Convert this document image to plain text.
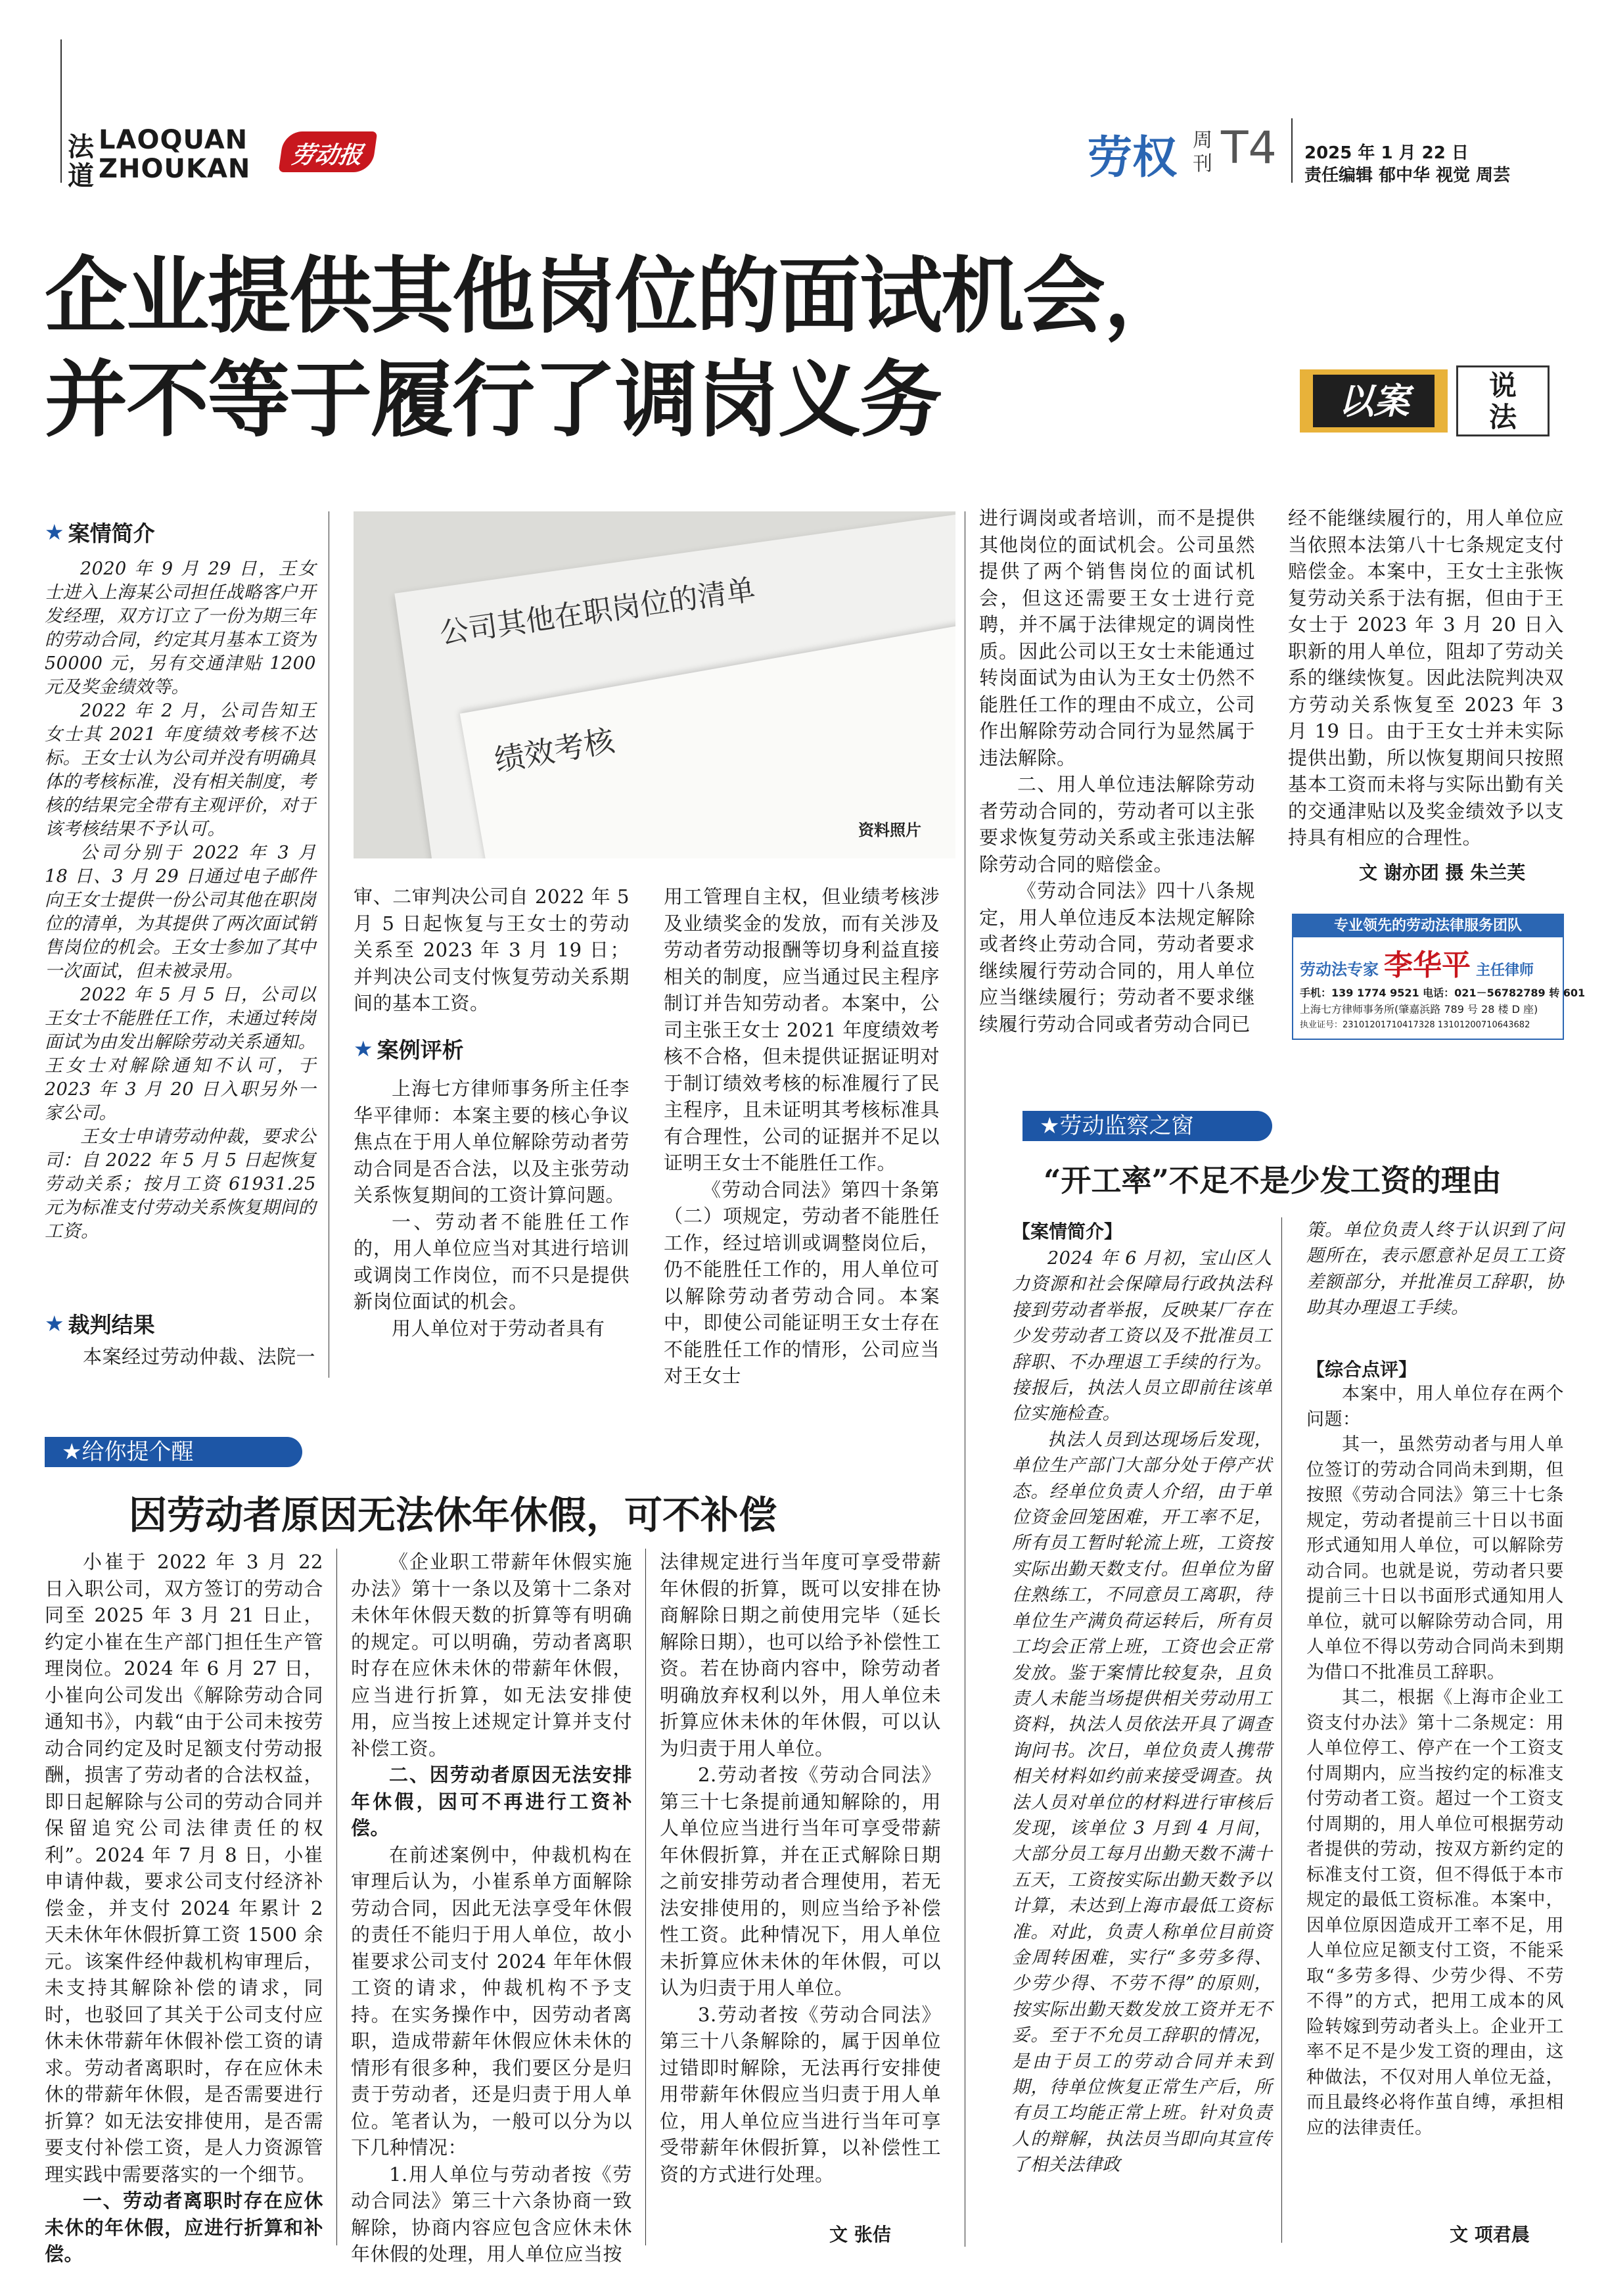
法
道
LAOQUAN
ZHOUKAN 劳动报	劳权 周
刊 T4 2025 年 1 月 22 日
责任编辑 郁中华 视觉 周芸
企业提供其他岗位的面试机会，
并不等于履行了调岗义务	以案	说
法
公司其他在职岗位的清单
绩效考核
资料照片
★ 案情简介

2020 年 9 月 29 日，王女士进入上海某公司担任战略客户开发经理，双方订立了一份为期三年的劳动合同，约定其月基本工资为 50000 元，另有交通津贴 1200 元及奖金绩效等。

2022 年 2 月，公司告知王女士其 2021 年度绩效考核不达标。王女士认为公司并没有明确具体的考核标准，没有相关制度，考核的结果完全带有主观评价，对于该考核结果不予认可。

公司分别于 2022 年 3 月 18 日、3 月 29 日通过电子邮件向王女士提供一份公司其他在职岗位的清单，为其提供了两次面试销售岗位的机会。王女士参加了其中一次面试，但未被录用。

2022 年 5 月 5 日，公司以王女士不能胜任工作，未通过转岗面试为由发出解除劳动关系通知。王女士对解除通知不认可，于 2023 年 3 月 20 日入职另外一家公司。

王女士申请劳动仲裁，要求公司：自 2022 年 5 月 5 日起恢复劳动关系；按月工资 61931.25 元为标准支付劳动关系恢复期间的工资。

★ 裁判结果

本案经过劳动仲裁、法院一

审、二审判决公司自 2022 年 5 月 5 日起恢复与王女士的劳动关系至 2023 年 3 月 19 日；并判决公司支付恢复劳动关系期间的基本工资。

★ 案例评析

上海七方律师事务所主任李华平律师：本案主要的核心争议焦点在于用人单位解除劳动者劳动合同是否合法，以及主张劳动关系恢复期间的工资计算问题。

一、劳动者不能胜任工作的，用人单位应当对其进行培训或调岗工作岗位，而不只是提供新岗位面试的机会。

用人单位对于劳动者具有

用工管理自主权，但业绩考核涉及业绩奖金的发放，而有关涉及劳动者劳动报酬等切身利益直接相关的制度，应当通过民主程序制订并告知劳动者。本案中，公司主张王女士 2021 年度绩效考核不合格，但未提供证据证明对于制订绩效考核的标准履行了民主程序，且未证明其考核标准具有合理性，公司的证据并不足以证明王女士不能胜任工作。

《劳动合同法》第四十条第（二）项规定，劳动者不能胜任工作，经过培训或调整岗位后，仍不能胜任工作的，用人单位可以解除劳动者劳动合同。本案中，即使公司能证明王女士存在不能胜任工作的情形，公司应当对王女士

进行调岗或者培训，而不是提供其他岗位的面试机会。公司虽然提供了两个销售岗位的面试机会，但这还需要王女士进行竞聘，并不属于法律规定的调岗性质。因此公司以王女士未能通过转岗面试为由认为王女士仍然不能胜任工作的理由不成立，公司作出解除劳动合同行为显然属于违法解除。

二、用人单位违法解除劳动者劳动合同的，劳动者可以主张要求恢复劳动关系或主张违法解除劳动合同的赔偿金。

《劳动合同法》四十八条规定，用人单位违反本法规定解除或者终止劳动合同，劳动者要求继续履行劳动合同的，用人单位应当继续履行；劳动者不要求继续履行劳动合同或者劳动合同已

经不能继续履行的，用人单位应当依照本法第八十七条规定支付赔偿金。本案中，王女士主张恢复劳动关系于法有据，但由于王女士于 2023 年 3 月 20 日入职新的用人单位，阻却了劳动关系的继续恢复。因此法院判决双方劳动关系恢复至 2023 年 3 月 19 日。由于王女士并未实际提供出勤，所以恢复期间只按照基本工资而未将与实际出勤有关的交通津贴以及奖金绩效予以支持具有相应的合理性。

文 谢亦团 摄 朱兰芙
专业领先的劳动法律服务团队
劳动法专家 李华平 主任律师
手机：139 1774 9521 电话：021－56782789 转 601
上海七方律师事务所(肇嘉浜路 789 号 28 楼 D 座)
执业证号：23101201710417328 13101200710643682
★劳动监察之窗
“开工率”不足不是少发工资的理由
【案情简介】

2024 年 6 月初，宝山区人力资源和社会保障局行政执法科接到劳动者举报，反映某厂存在少发劳动者工资以及不批准员工辞职、不办理退工手续的行为。接报后，执法人员立即前往该单位实施检查。

执法人员到达现场后发现，单位生产部门大部分处于停产状态。经单位负责人介绍，由于单位资金回笼困难，开工率不足，所有员工暂时轮流上班，工资按实际出勤天数支付。但单位为留住熟练工，不同意员工离职，待单位生产满负荷运转后，所有员工均会正常上班，工资也会正常发放。鉴于案情比较复杂，且负责人未能当场提供相关劳动用工资料，执法人员依法开具了调查询问书。次日，单位负责人携带相关材料如约前来接受调查。执法人员对单位的材料进行审核后发现，该单位 3 月到 4 月间，大部分员工每月出勤天数不满十五天，工资按实际出勤天数予以计算，未达到上海市最低工资标准。对此，负责人称单位目前资金周转困难，实行“多劳多得、少劳少得、不劳不得”的原则，按实际出勤天数发放工资并无不妥。至于不允员工辞职的情况，是由于员工的劳动合同并未到期，待单位恢复正常生产后，所有员工均能正常上班。针对负责人的辩解，执法员当即向其宣传了相关法律政

策。单位负责人终于认识到了问题所在，表示愿意补足员工工资差额部分，并批准员工辞职，协助其办理退工手续。

【综合点评】

本案中，用人单位存在两个问题：

其一，虽然劳动者与用人单位签订的劳动合同尚未到期，但按照《劳动合同法》第三十七条规定，劳动者提前三十日以书面形式通知用人单位，可以解除劳动合同。也就是说，劳动者只要提前三十日以书面形式通知用人单位，就可以解除劳动合同，用人单位不得以劳动合同尚未到期为借口不批准员工辞职。

其二，根据《上海市企业工资支付办法》第十二条规定：用人单位停工、停产在一个工资支付周期内，应当按约定的标准支付劳动者工资。超过一个工资支付周期的，用人单位可根据劳动者提供的劳动，按双方新约定的标准支付工资，但不得低于本市规定的最低工资标准。本案中，因单位原因造成开工率不足，用人单位应足额支付工资，不能采取“多劳多得、少劳少得、不劳不得”的方式，把用工成本的风险转嫁到劳动者头上。企业开工率不足不是少发工资的理由，这种做法，不仅对用人单位无益，而且最终必将作茧自缚，承担相应的法律责任。

文 项君晨
★给你提个醒
因劳动者原因无法休年休假，可不补偿

小崔于 2022 年 3 月 22 日入职公司，双方签订的劳动合同至 2025 年 3 月 21 日止，约定小崔在生产部门担任生产管理岗位。2024 年 6 月 27 日，小崔向公司发出《解除劳动合同通知书》，内载“由于公司未按劳动合同约定及时足额支付劳动报酬，损害了劳动者的合法权益，即日起解除与公司的劳动合同并保留追究公司法律责任的权利”。2024 年 7 月 8 日，小崔申请仲裁，要求公司支付经济补偿金，并支付 2024 年累计 2 天未休年休假折算工资 1500 余元。该案件经仲裁机构审理后，未支持其解除补偿的请求，同时，也驳回了其关于公司支付应休未休带薪年休假补偿工资的请求。劳动者离职时，存在应休未休的带薪年休假，是否需要进行折算？如无法安排使用，是否需要支付补偿工资，是人力资源管理实践中需要落实的一个细节。

一、劳动者离职时存在应休未休的年休假，应进行折算和补偿。

《企业职工带薪年休假实施办法》第十一条以及第十二条对未休年休假天数的折算等有明确的规定。可以明确，劳动者离职时存在应休未休的带薪年休假，应当进行折算，如无法安排使用，应当按上述规定计算并支付补偿工资。

二、因劳动者原因无法安排年休假，因可不再进行工资补偿。

在前述案例中，仲裁机构在审理后认为，小崔系单方面解除劳动合同，因此无法享受年休假的责任不能归于用人单位，故小崔要求公司支付 2024 年年休假工资的请求，仲裁机构不予支持。在实务操作中，因劳动者离职，造成带薪年休假应休未休的情形有很多种，我们要区分是归责于劳动者，还是归责于用人单位。笔者认为，一般可以分为以下几种情况：

1.用人单位与劳动者按《劳动合同法》第三十六条协商一致解除，协商内容应包含应休未休年休假的处理，用人单位应当按

法律规定进行当年度可享受带薪年休假的折算，既可以安排在协商解除日期之前使用完毕（延长解除日期），也可以给予补偿性工资。若在协商内容中，除劳动者明确放弃权利以外，用人单位未折算应休未休的年休假，可以认为归责于用人单位。

2.劳动者按《劳动合同法》第三十七条提前通知解除的，用人单位应当进行当年可享受带薪年休假折算，并在正式解除日期之前安排劳动者合理使用，若无法安排使用的，则应当给予补偿性工资。此种情况下，用人单位未折算应休未休的年休假，可以认为归责于用人单位。

3.劳动者按《劳动合同法》第三十八条解除的，属于因单位过错即时解除，无法再行安排使用带薪年休假应当归责于用人单位，用人单位应当进行当年可享受带薪年休假折算，以补偿性工资的方式进行处理。

文 张佶
